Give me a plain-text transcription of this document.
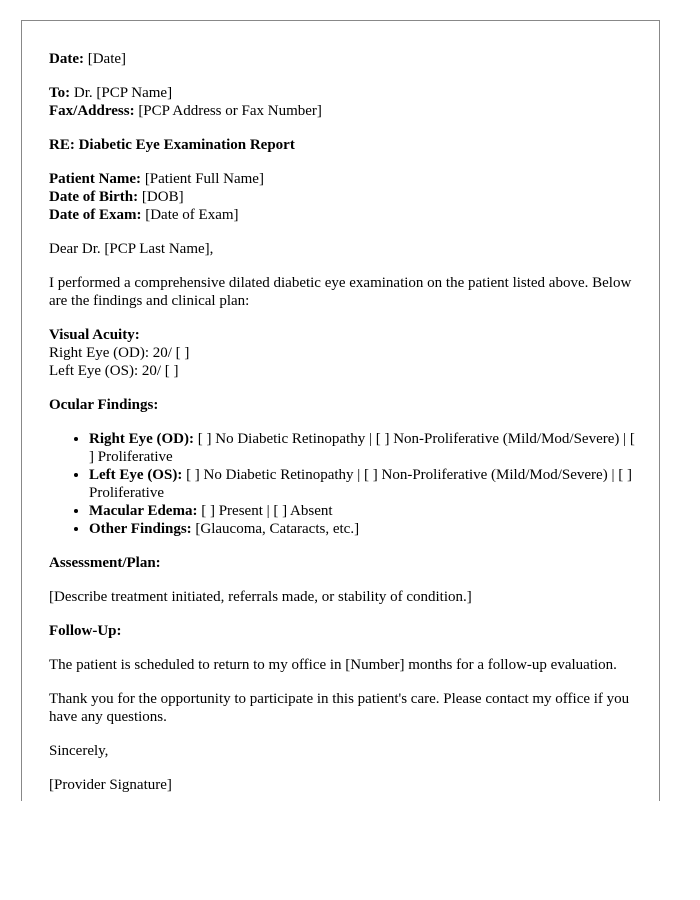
Date: [Date]

To: Dr. [PCP Name]
Fax/Address: [PCP Address or Fax Number]

RE: Diabetic Eye Examination Report

Patient Name: [Patient Full Name]
Date of Birth: [DOB]
Date of Exam: [Date of Exam]

Dear Dr. [PCP Last Name],

I performed a comprehensive dilated diabetic eye examination on the patient listed above. Below are the findings and clinical plan:

Visual Acuity:
Right Eye (OD): 20/ [ ]
Left Eye (OS): 20/ [ ]

Ocular Findings:

• Right Eye (OD): [ ] No Diabetic Retinopathy | [ ] Non-Proliferative (Mild/Mod/Severe) | [ ] Proliferative
• Left Eye (OS): [ ] No Diabetic Retinopathy | [ ] Non-Proliferative (Mild/Mod/Severe) | [ ] Proliferative
• Macular Edema: [ ] Present | [ ] Absent
• Other Findings: [Glaucoma, Cataracts, etc.]

Assessment/Plan:

[Describe treatment initiated, referrals made, or stability of condition.]

Follow-Up:

The patient is scheduled to return to my office in [Number] months for a follow-up evaluation.

Thank you for the opportunity to participate in this patient's care. Please contact my office if you have any questions.

Sincerely,

[Provider Signature]
